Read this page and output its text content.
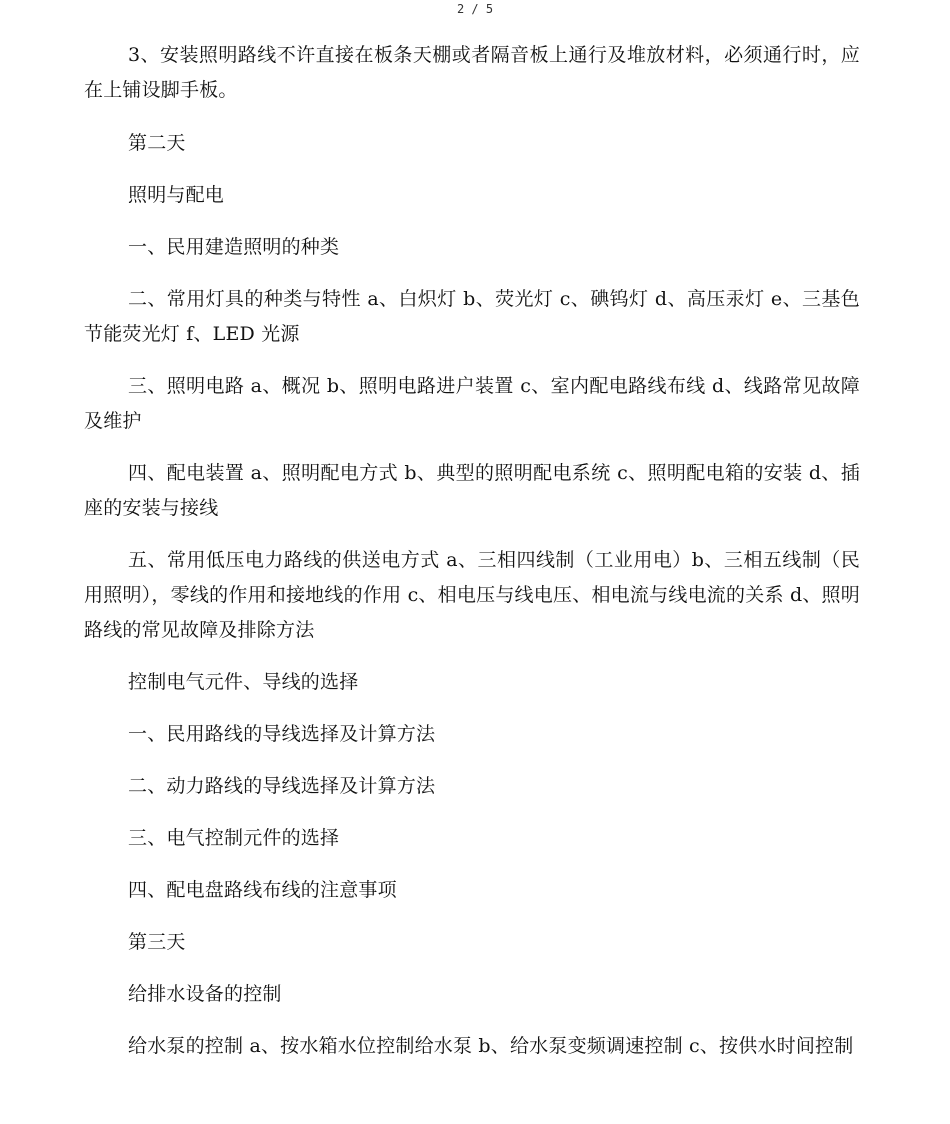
2 / 5

3、安装照明路线不许直接在板条天棚或者隔音板上通行及堆放材料，必须通行时，应在上铺设脚手板。

第二天

照明与配电

一、民用建造照明的种类

二、常用灯具的种类与特性 a、白炽灯 b、荧光灯 c、碘钨灯 d、高压汞灯 e、三基色节能荧光灯 f、LED 光源

三、照明电路 a、概况 b、照明电路进户装置 c、室内配电路线布线 d、线路常见故障及维护

四、配电装置 a、照明配电方式 b、典型的照明配电系统 c、照明配电箱的安装 d、插座的安装与接线

五、常用低压电力路线的供送电方式 a、三相四线制（工业用电）b、三相五线制（民用照明），零线的作用和接地线的作用 c、相电压与线电压、相电流与线电流的关系 d、照明路线的常见故障及排除方法

控制电气元件、导线的选择

一、民用路线的导线选择及计算方法

二、动力路线的导线选择及计算方法

三、电气控制元件的选择

四、配电盘路线布线的注意事项

第三天

给排水设备的控制

给水泵的控制 a、按水箱水位控制给水泵 b、给水泵变频调速控制 c、按供水时间控制
